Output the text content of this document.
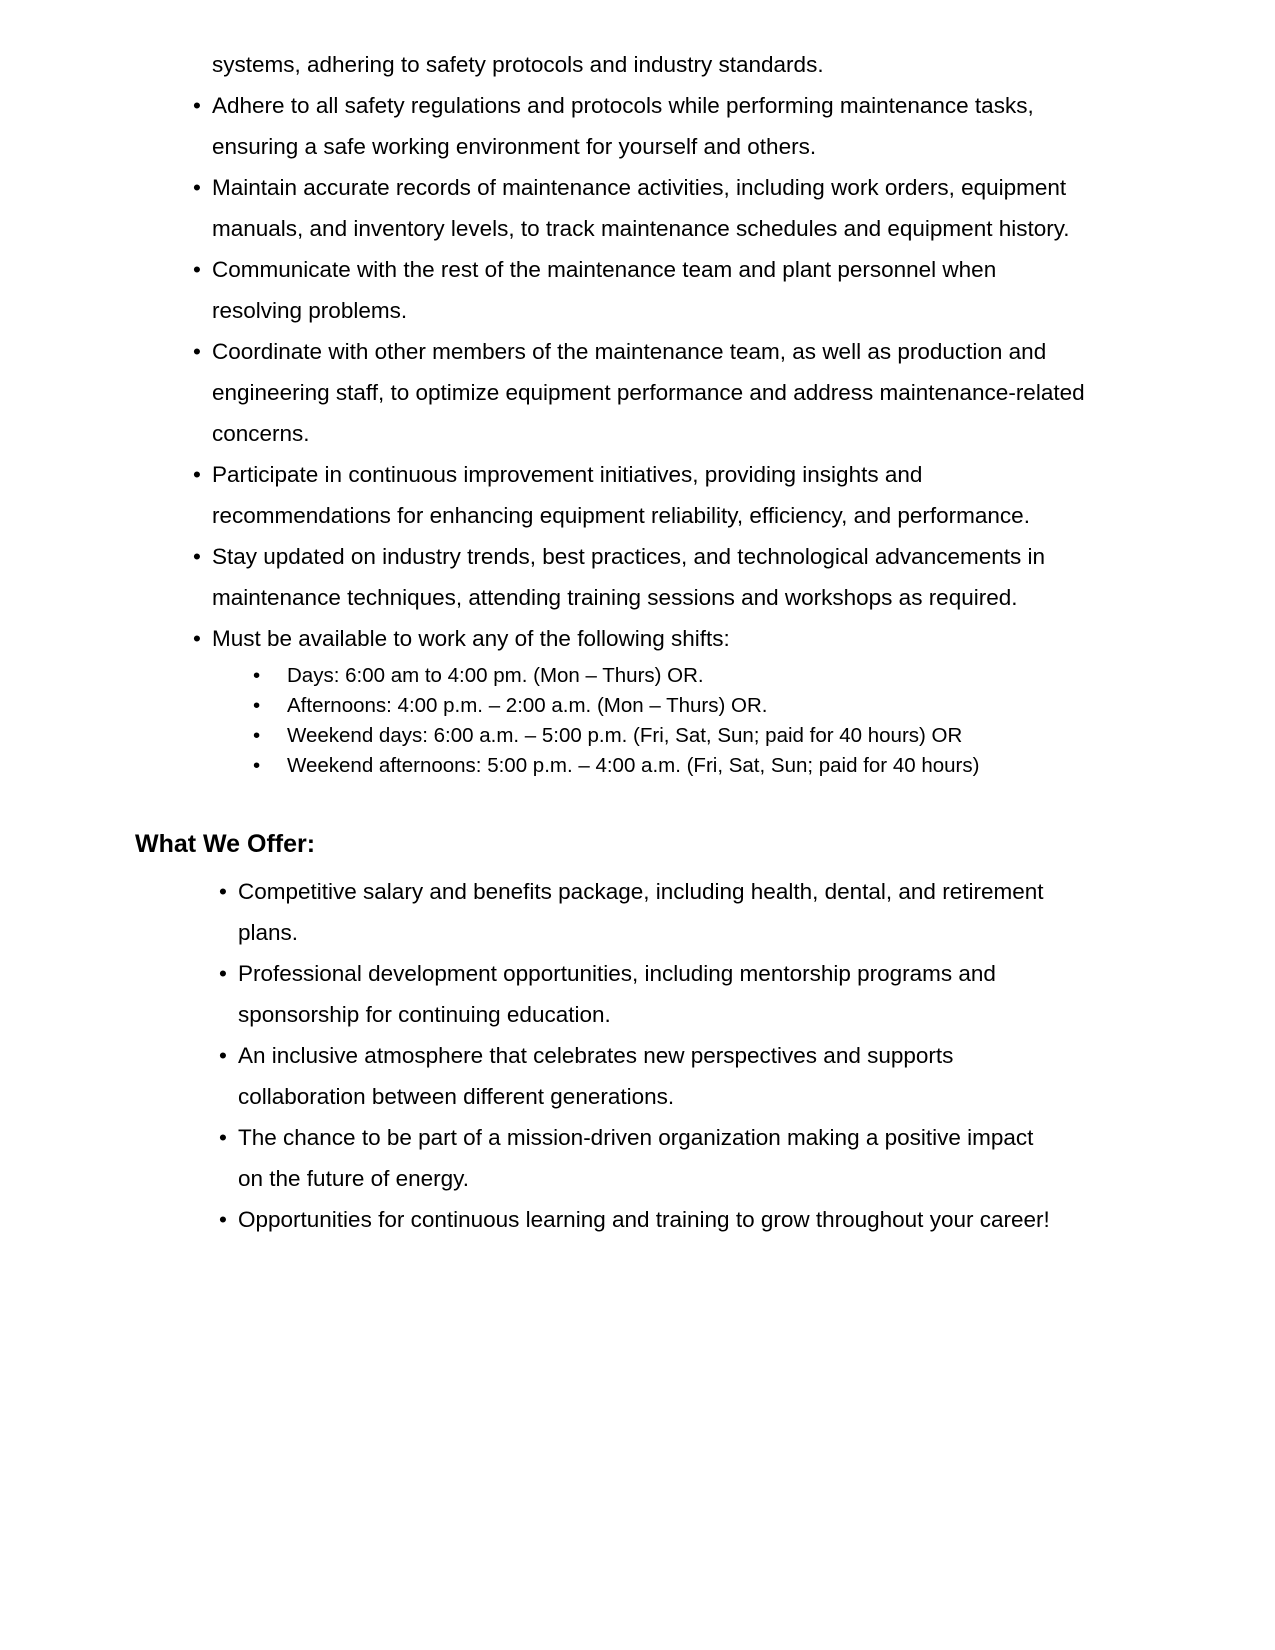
systems, adhering to safety protocols and industry standards.

• Adhere to all safety regulations and protocols while performing maintenance tasks, ensuring a safe working environment for yourself and others.
• Maintain accurate records of maintenance activities, including work orders, equipment manuals, and inventory levels, to track maintenance schedules and equipment history.
• Communicate with the rest of the maintenance team and plant personnel when resolving problems.
• Coordinate with other members of the maintenance team, as well as production and engineering staff, to optimize equipment performance and address maintenance-related concerns.
• Participate in continuous improvement initiatives, providing insights and recommendations for enhancing equipment reliability, efficiency, and performance.
• Stay updated on industry trends, best practices, and technological advancements in maintenance techniques, attending training sessions and workshops as required.
• Must be available to work any of the following shifts:
• Days: 6:00 am to 4:00 pm. (Mon – Thurs) OR.
• Afternoons: 4:00 p.m. – 2:00 a.m. (Mon – Thurs) OR.
• Weekend days: 6:00 a.m. – 5:00 p.m. (Fri, Sat, Sun; paid for 40 hours) OR
• Weekend afternoons: 5:00 p.m. – 4:00 a.m. (Fri, Sat, Sun; paid for 40 hours)
What We Offer:
• Competitive salary and benefits package, including health, dental, and retirement plans.
• Professional development opportunities, including mentorship programs and sponsorship for continuing education.
• An inclusive atmosphere that celebrates new perspectives and supports collaboration between different generations.
• The chance to be part of a mission-driven organization making a positive impact on the future of energy.
• Opportunities for continuous learning and training to grow throughout your career!
